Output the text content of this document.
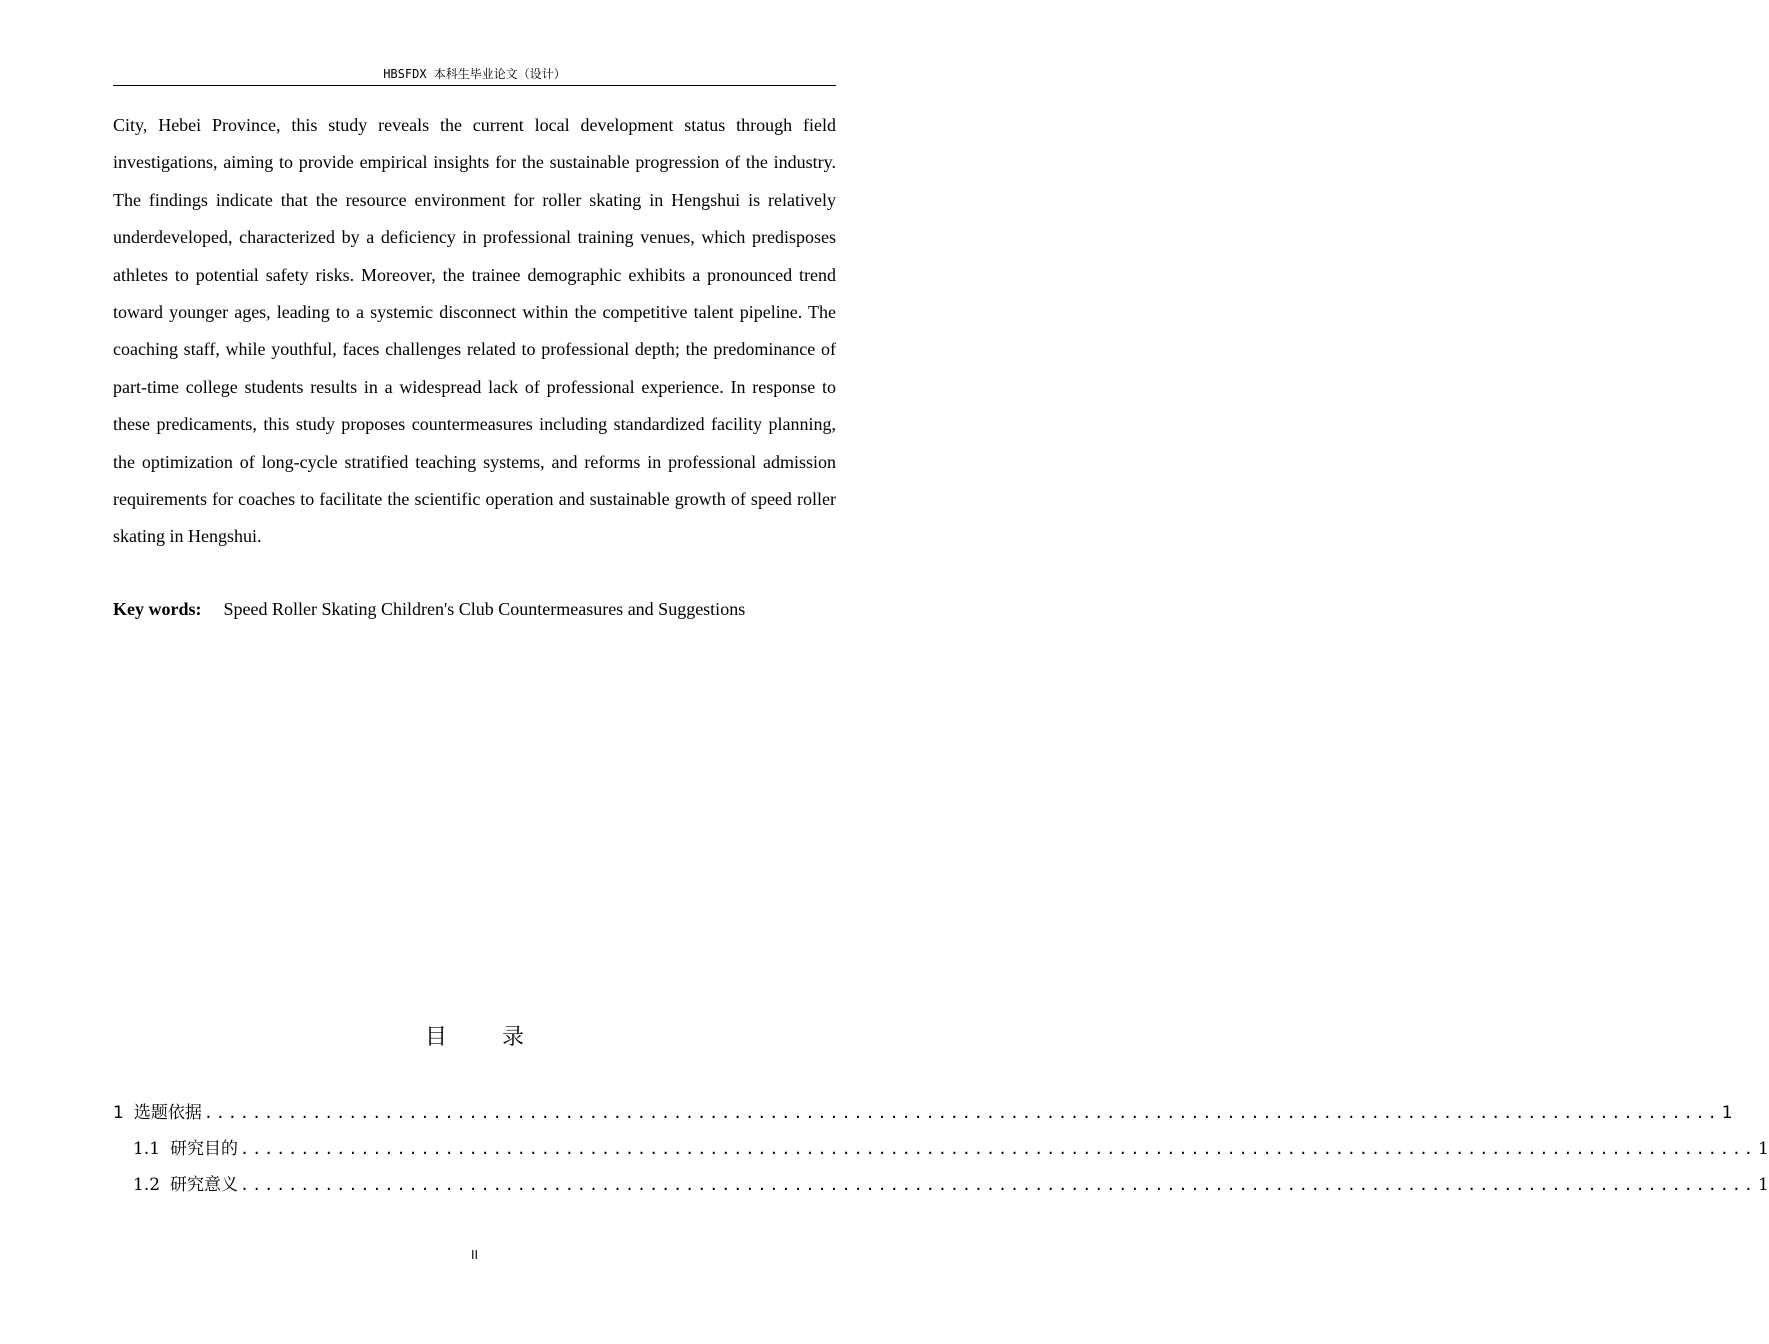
HBSFDX 本科生毕业论文（设计）

City, Hebei Province, this study reveals the current local development status through field investigations, aiming to provide empirical insights for the sustainable progression of the industry. The findings indicate that the resource environment for roller skating in Hengshui is relatively underdeveloped, characterized by a deficiency in professional training venues, which predisposes athletes to potential safety risks. Moreover, the trainee demographic exhibits a pronounced trend toward younger ages, leading to a systemic disconnect within the competitive talent pipeline. The coaching staff, while youthful, faces challenges related to professional depth; the predominance of part-time college students results in a widespread lack of professional experience. In response to these predicaments, this study proposes countermeasures including standardized facility planning, the optimization of long-cycle stratified teaching systems, and reforms in professional admission requirements for coaches to facilitate the scientific operation and sustainable growth of speed roller skating in Hengshui.

Key words: Speed Roller Skating Children's Club Countermeasures and Suggestions
目 录
1 选题依据 .............................................................................................................................. 1
1.1 研究目的 .............................................................................................................................. 1
1.2 研究意义 .............................................................................................................................. 1
II
